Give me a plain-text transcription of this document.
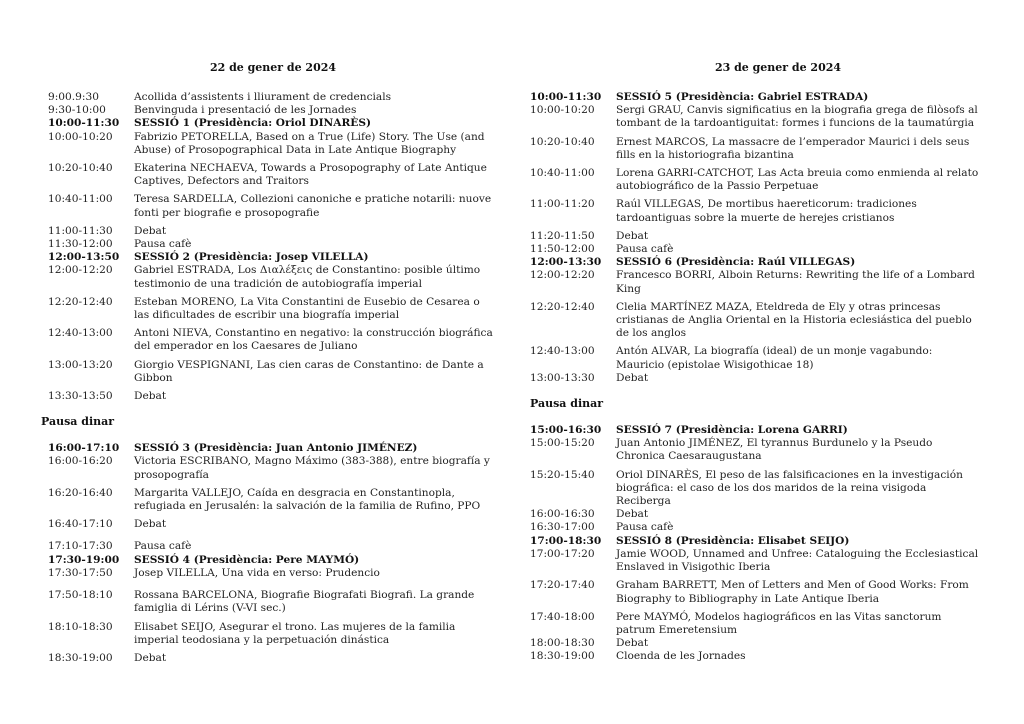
22 de gener de 2024
9:00.9:30	Acollida d’assistents i lliurament de credencials
9:30-10:00	Benvinguda i presentació de les Jornades
10:00-11:30	SESSIÓ 1 (Presidència: Oriol DINARÈS)
10:00-10:20	Fabrizio PETORELLA, Based on a True (Life) Story. The Use (and Abuse) of Prosopographical Data in Late Antique Biography
10:20-10:40	Ekaterina NECHAEVA, Towards a Prosopography of Late Antique Captives, Defectors and Traitors
10:40-11:00	Teresa SARDELLA, Collezioni canoniche e pratiche notarili: nuove fonti per biografie e prosopografie
11:00-11:30	Debat
11:30-12:00	Pausa cafè
12:00-13:50	SESSIÓ 2 (Presidència: Josep VILELLA)
12:00-12:20	Gabriel ESTRADA, Los Διαλέξεις de Constantino: posible último testimonio de una tradición de autobiografía imperial
12:20-12:40	Esteban MORENO, La Vita Constantini de Eusebio de Cesarea o las dificultades de escribir una biografía imperial
12:40-13:00	Antoni NIEVA, Constantino en negativo: la construcción biográfica del emperador en los Caesares de Juliano
13:00-13:20	Giorgio VESPIGNANI, Las cien caras de Constantino: de Dante a Gibbon
13:30-13:50	Debat
Pausa dinar
16:00-17:10	SESSIÓ 3 (Presidència: Juan Antonio JIMÉNEZ)
16:00-16:20	Victoria ESCRIBANO, Magno Máximo (383-388), entre biografía y prosopografía
16:20-16:40	Margarita VALLEJO, Caída en desgracia en Constantinopla, refugiada en Jerusalén: la salvación de la familia de Rufino, PPO
16:40-17:10	Debat
17:10-17:30	Pausa cafè
17:30-19:00	SESSIÓ 4 (Presidència: Pere MAYMÓ)
17:30-17:50	Josep VILELLA, Una vida en verso: Prudencio
17:50-18:10	Rossana BARCELONA, Biografie Biografati Biografi. La grande famiglia di Lérins (V-VI sec.)
18:10-18:30	Elisabet SEIJO, Asegurar el trono. Las mujeres de la familia imperial teodosiana y la perpetuación dinástica
18:30-19:00	Debat
23 de gener de 2024
10:00-11:30	SESSIÓ 5 (Presidència: Gabriel ESTRADA)
10:00-10:20	Sergi GRAU, Canvis significatius en la biografia grega de filòsofs al tombant de la tardoantiguitat: formes i funcions de la taumatúrgia
10:20-10:40	Ernest MARCOS, La massacre de l’emperador Maurici i dels seus fills en la historiografia bizantina
10:40-11:00	Lorena GARRI-CATCHOT, Las Acta breuia como enmienda al relato autobiográfico de la Passio Perpetuae
11:00-11:20	Raúl VILLEGAS, De mortibus haereticorum: tradiciones tardoantiguas sobre la muerte de herejes cristianos
11:20-11:50	Debat
11:50-12:00	Pausa cafè
12:00-13:30	SESSIÓ 6 (Presidència: Raúl VILLEGAS)
12:00-12:20	Francesco BORRI, Alboin Returns: Rewriting the life of a Lombard King
12:20-12:40	Clelia MARTÍNEZ MAZA, Eteldreda de Ely y otras princesas cristianas de Anglia Oriental en la Historia eclesiástica del pueblo de los anglos
12:40-13:00	Antón ALVAR, La biografía (ideal) de un monje vagabundo: Mauricio (epistolae Wisigothicae 18)
13:00-13:30	Debat
Pausa dinar
15:00-16:30	SESSIÓ 7 (Presidència: Lorena GARRI)
15:00-15:20	Juan Antonio JIMÉNEZ, El tyrannus Burdunelo y la Pseudo Chronica Caesaraugustana
15:20-15:40	Oriol DINARÈS, El peso de las falsificaciones en la investigación biográfica: el caso de los dos maridos de la reina visigoda Reciberga
16:00-16:30	Debat
16:30-17:00	Pausa cafè
17:00-18:30	SESSIÓ 8 (Presidència: Elisabet SEIJO)
17:00-17:20	Jamie WOOD, Unnamed and Unfree: Cataloguing the Ecclesiastical Enslaved in Visigothic Iberia
17:20-17:40	Graham BARRETT, Men of Letters and Men of Good Works: From Biography to Bibliography in Late Antique Iberia
17:40-18:00	Pere MAYMÓ, Modelos hagiográficos en las Vitas sanctorum patrum Emeretensium
18:00-18:30	Debat
18:30-19:00	Cloenda de les Jornades
